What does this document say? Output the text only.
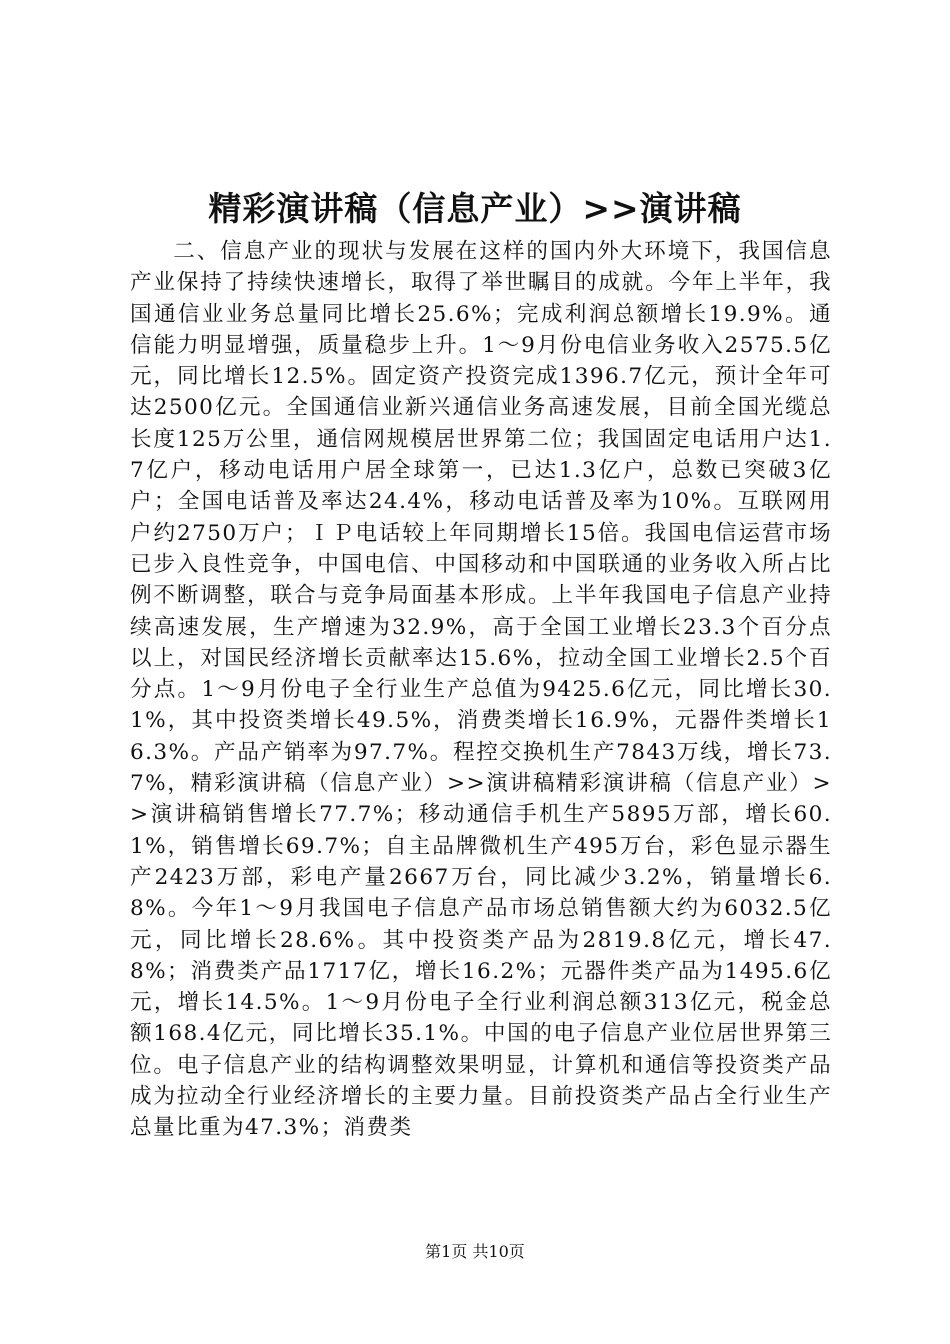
精彩演讲稿（信息产业）>>演讲稿

二、信息产业的现状与发展在这样的国内外大环境下，我国信息产业保持了持续快速增长，取得了举世瞩目的成就。今年上半年，我国通信业业务总量同比增长25.6%；完成利润总额增长19.9%。通信能力明显增强，质量稳步上升。1～9月份电信业务收入2575.5亿元，同比增长12.5%。固定资产投资完成1396.7亿元，预计全年可达2500亿元。全国通信业新兴通信业务高速发展，目前全国光缆总长度125万公里，通信网规模居世界第二位；我国固定电话用户达1.7亿户，移动电话用户居全球第一，已达1.3亿户，总数已突破3亿户；全国电话普及率达24.4%，移动电话普及率为10%。互联网用户约2750万户；ＩＰ电话较上年同期增长15倍。我国电信运营市场已步入良性竞争，中国电信、中国移动和中国联通的业务收入所占比例不断调整，联合与竞争局面基本形成。上半年我国电子信息产业持续高速发展，生产增速为32.9%，高于全国工业增长23.3个百分点以上，对国民经济增长贡献率达15.6%，拉动全国工业增长2.5个百分点。1～9月份电子全行业生产总值为9425.6亿元，同比增长30.1%，其中投资类增长49.5%，消费类增长16.9%，元器件类增长16.3%。产品产销率为97.7%。程控交换机生产7843万线，增长73.7%，精彩演讲稿（信息产业）>>演讲稿精彩演讲稿（信息产业）>>演讲稿销售增长77.7%；移动通信手机生产5895万部，增长60.1%，销售增长69.7%；自主品牌微机生产495万台，彩色显示器生产2423万部，彩电产量2667万台，同比减少3.2%，销量增长6.8%。今年1～9月我国电子信息产品市场总销售额大约为6032.5亿元，同比增长28.6%。其中投资类产品为2819.8亿元，增长47.8%；消费类产品1717亿，增长16.2%；元器件类产品为1495.6亿元，增长14.5%。1～9月份电子全行业利润总额313亿元，税金总额168.4亿元，同比增长35.1%。中国的电子信息产业位居世界第三位。电子信息产业的结构调整效果明显，计算机和通信等投资类产品成为拉动全行业经济增长的主要力量。目前投资类产品占全行业生产总量比重为47.3%；消费类

第1页 共10页
